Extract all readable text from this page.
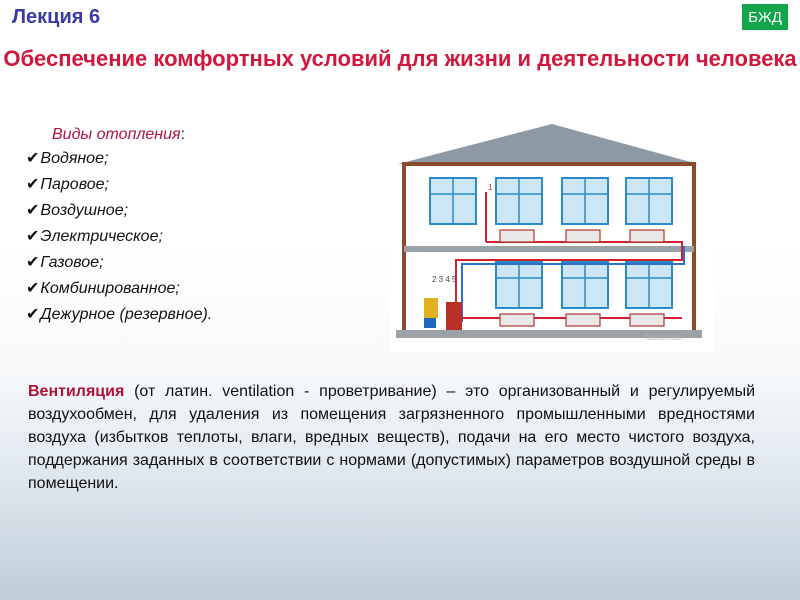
Лекция 6	БЖД
Обеспечение комфортных условий для жизни и деятельности человека
Виды отопления:
✔Водяное;
✔Паровое;
✔Воздушное;
✔Электрическое;
✔Газовое;
✔Комбинированное;
✔Дежурное (резервное).
1
2 3 4 5
Techcenter

Вентиляция (от латин. ventilation - проветривание) – это организованный и регулируемый воздухообмен, для удаления из помещения загрязненного промышленными вредностями воздуха (избытков теплоты, влаги, вредных веществ), подачи на его место чистого воздуха, поддержания заданных в соответствии с нормами (допустимых) параметров воздушной среды в помещении.
